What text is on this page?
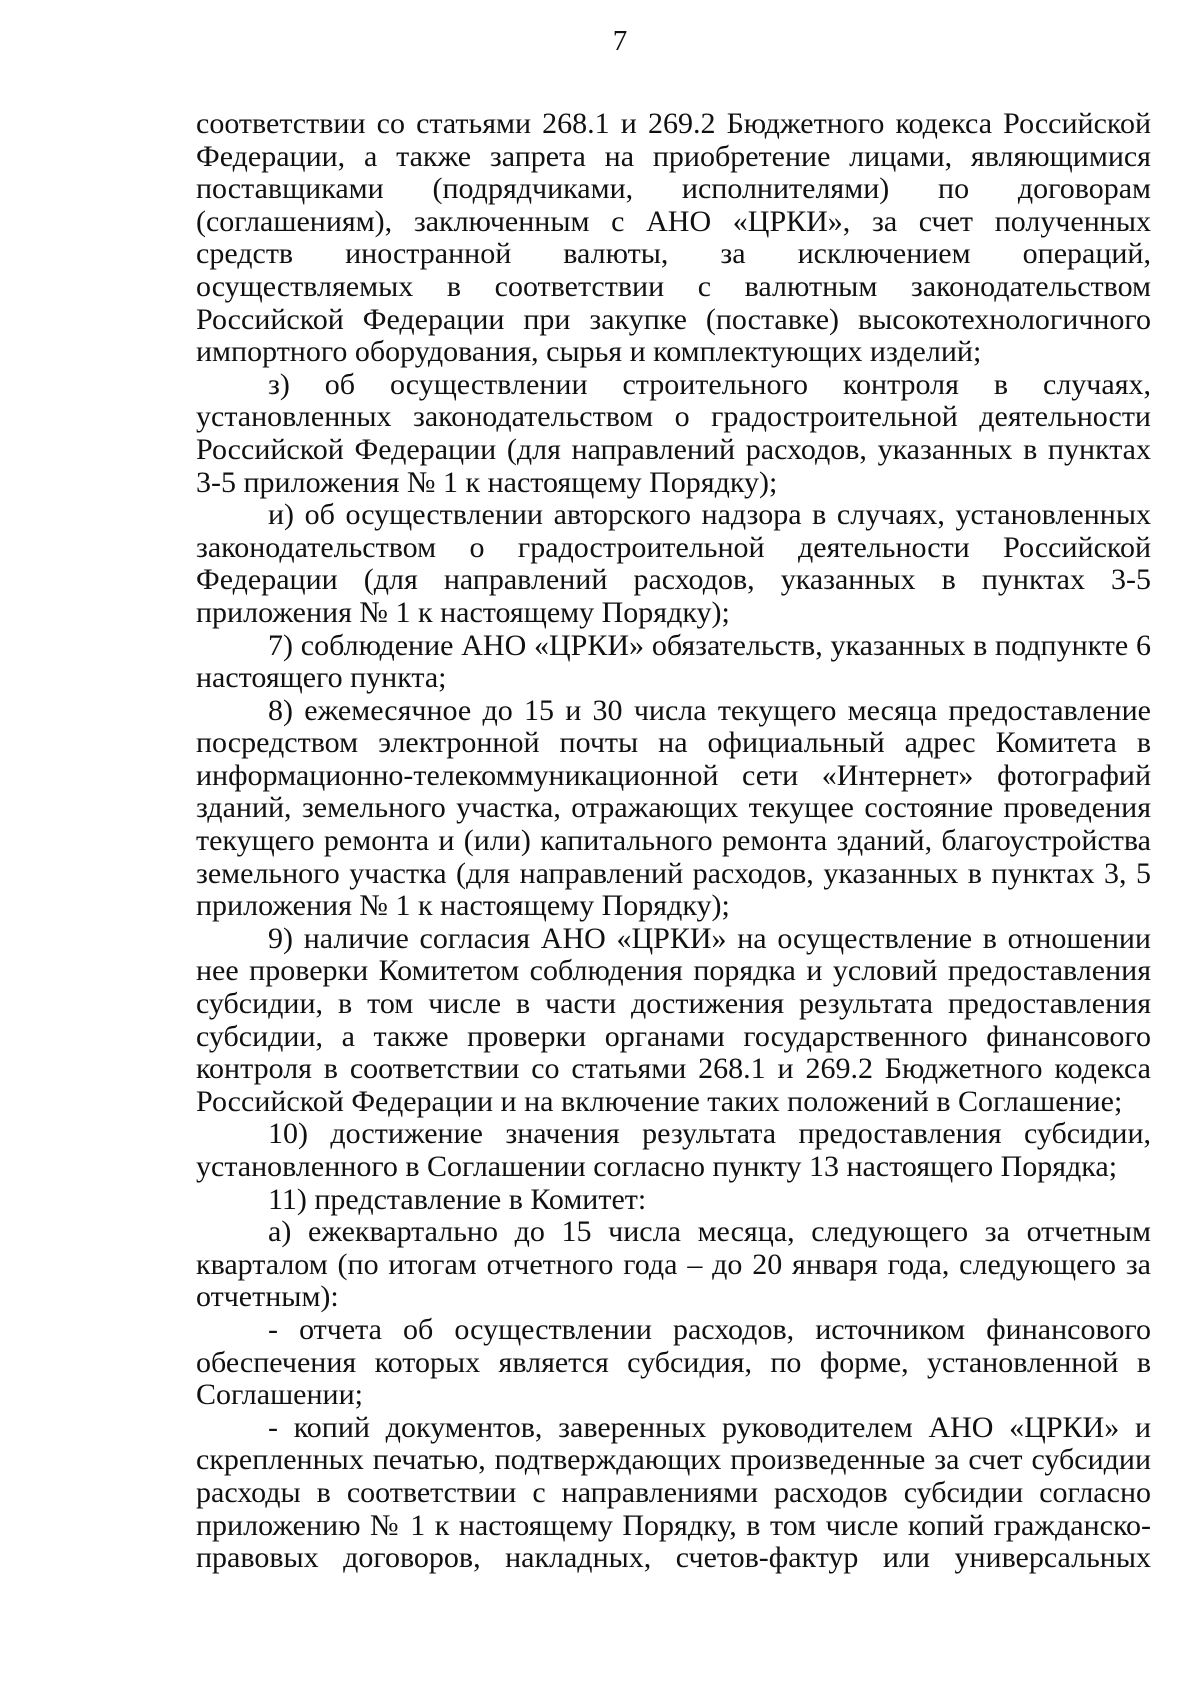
7

соответствии со статьями 268.1 и 269.2 Бюджетного кодекса Российской Федерации, а также запрета на приобретение лицами, являющимися поставщиками (подрядчиками, исполнителями) по договорам (соглашениям), заключенным с АНО «ЦРКИ», за счет полученных средств иностранной валюты, за исключением операций, осуществляемых в соответствии с валютным законодательством Российской Федерации при закупке (поставке) высокотехнологичного импортного оборудования, сырья и комплектующих изделий;

з) об осуществлении строительного контроля в случаях, установленных законодательством о градостроительной деятельности Российской Федерации (для направлений расходов, указанных в пунктах 3-5 приложения № 1 к настоящему Порядку);

и) об осуществлении авторского надзора в случаях, установленных законодательством о градостроительной деятельности Российской Федерации (для направлений расходов, указанных в пунктах 3-5 приложения № 1 к настоящему Порядку);

7) соблюдение АНО «ЦРКИ» обязательств, указанных в подпункте 6 настоящего пункта;

8) ежемесячное до 15 и 30 числа текущего месяца предоставление посредством электронной почты на официальный адрес Комитета в информационно-телекоммуникационной сети «Интернет» фотографий зданий, земельного участка, отражающих текущее состояние проведения текущего ремонта и (или) капитального ремонта зданий, благоустройства земельного участка (для направлений расходов, указанных в пунктах 3, 5 приложения № 1 к настоящему Порядку);

9) наличие согласия АНО «ЦРКИ» на осуществление в отношении нее проверки Комитетом соблюдения порядка и условий предоставления субсидии, в том числе в части достижения результата предоставления субсидии, а также проверки органами государственного финансового контроля в соответствии со статьями 268.1 и 269.2 Бюджетного кодекса Российской Федерации и на включение таких положений в Соглашение;

10) достижение значения результата предоставления субсидии, установленного в Соглашении согласно пункту 13 настоящего Порядка;

11) представление в Комитет:

а) ежеквартально до 15 числа месяца, следующего за отчетным кварталом (по итогам отчетного года – до 20 января года, следующего за отчетным):

- отчета об осуществлении расходов, источником финансового обеспечения которых является субсидия, по форме, установленной в Соглашении;

- копий документов, заверенных руководителем АНО «ЦРКИ» и скрепленных печатью, подтверждающих произведенные за счет субсидии расходы в соответствии с направлениями расходов субсидии согласно приложению № 1 к настоящему Порядку, в том числе копий гражданско-правовых договоров, накладных, счетов-фактур или универсальных
